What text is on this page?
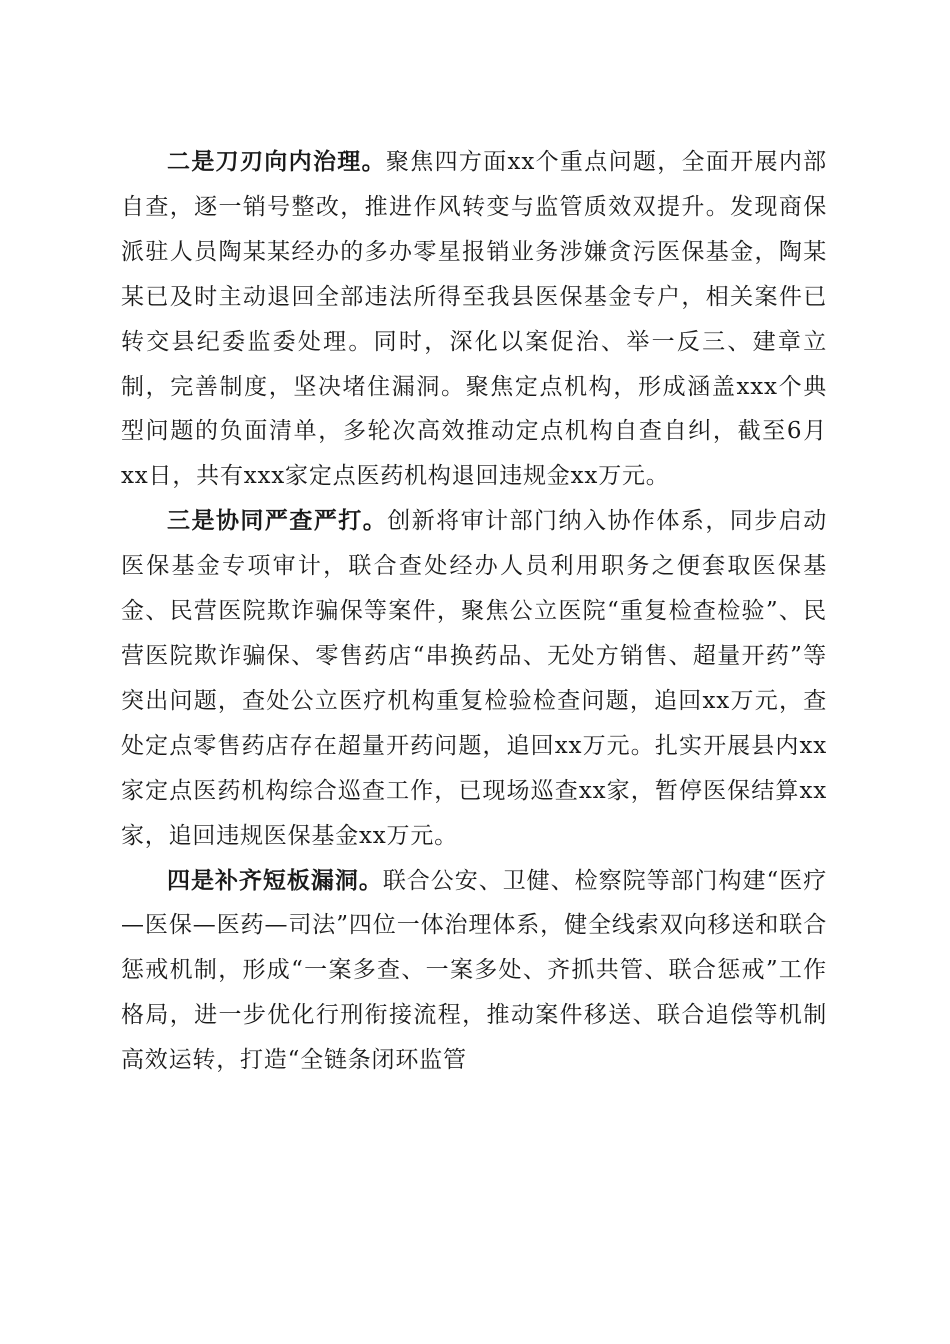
二是刀刃向内治理。聚焦四方面xx个重点问题，全面开展内部自查，逐一销号整改，推进作风转变与监管质效双提升。发现商保派驻人员陶某某经办的多办零星报销业务涉嫌贪污医保基金，陶某某已及时主动退回全部违法所得至我县医保基金专户，相关案件已转交县纪委监委处理。同时，深化以案促治、举一反三、建章立制，完善制度，坚决堵住漏洞。聚焦定点机构，形成涵盖xxx个典型问题的负面清单，多轮次高效推动定点机构自查自纠，截至6月xx日，共有xxx家定点医药机构退回违规金xx万元。

三是协同严查严打。创新将审计部门纳入协作体系，同步启动医保基金专项审计，联合查处经办人员利用职务之便套取医保基金、民营医院欺诈骗保等案件，聚焦公立医院“重复检查检验”、民营医院欺诈骗保、零售药店“串换药品、无处方销售、超量开药”等突出问题，查处公立医疗机构重复检验检查问题，追回xx万元，查处定点零售药店存在超量开药问题，追回xx万元。扎实开展县内xx家定点医药机构综合巡查工作，已现场巡查xx家，暂停医保结算xx家，追回违规医保基金xx万元。

四是补齐短板漏洞。联合公安、卫健、检察院等部门构建“医疗—医保—医药—司法”四位一体治理体系，健全线索双向移送和联合惩戒机制，形成“一案多查、一案多处、齐抓共管、联合惩戒”工作格局，进一步优化行刑衔接流程，推动案件移送、联合追偿等机制高效运转，打造“全链条闭环监管
